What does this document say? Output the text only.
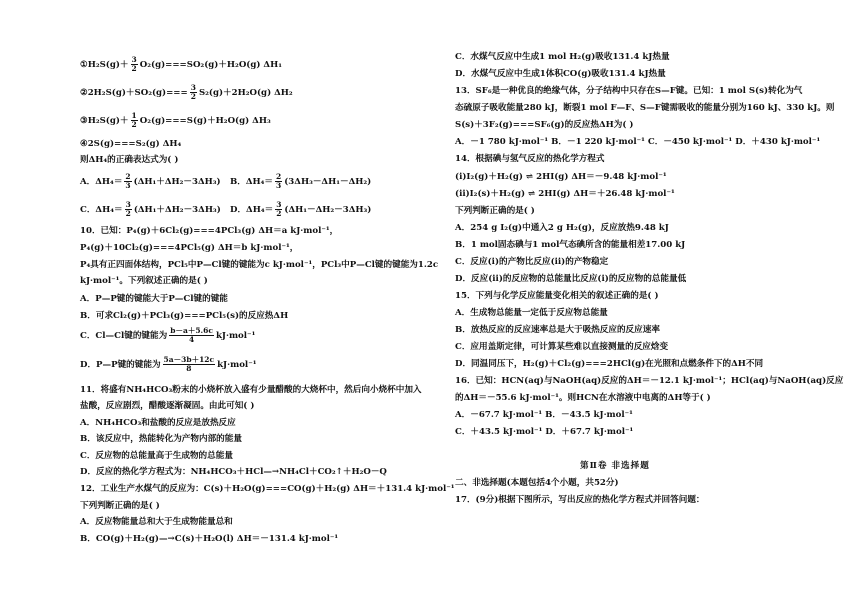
①H₂S(g)＋ $\frac{3}{2} O_2(g)===SO_2(g)+H_2O(g)$ ΔH₁
②2H₂S(g)＋SO₂(g)=== $\frac{3}{2} S_2(g)+2H_2O(g)$ ΔH₂
③H₂S(g)＋ $\frac{1}{2} O_2(g)===S(g)+H_2O(g)$ ΔH₃
④2S(g)===S₂(g) ΔH₄
则ΔH₄的正确表达式为( )
A．$\Delta H_4= \frac{2}{3} (\Delta H_1+\Delta H_2-3\Delta H_3)$ B．$\Delta H_4= \frac{2}{3} (3\Delta H_3-\Delta H_1-\Delta H_2)$
C．$\Delta H_4= \frac{3}{2} (\Delta H_1+\Delta H_2-3\Delta H_3)$ D．$\Delta H_4= \frac{3}{2} (\Delta H_1-\Delta H_2-3\Delta H_3)$
10．已知：P₄(g)＋6Cl₂(g)===4PCl₃(g) ΔH＝a kJ·mol⁻¹，
P₄(g)＋10Cl₂(g)===4PCl₅(g) ΔH＝b kJ·mol⁻¹，
P₄具有正四面体结构，PCl₅中P—Cl键的键能为c kJ·mol⁻¹，PCl₃中P—Cl键的键能为1.2c
kJ·mol⁻¹。下列叙述正确的是( )
A．P—P键的键能大于P—Cl键的键能
B．可求Cl₂(g)＋PCl₃(g)===PCl₅(s)的反应热ΔH
C．Cl—Cl键的键能为 $\frac{b-a+5.6c}{4} kJ\cdot mol^{-1}$
D．P—P键的键能为 $\frac{5a-3b+12c}{8} kJ\cdot mol^{-1}$
11．将盛有NH₄HCO₃粉末的小烧杯放入盛有少量醋酸的大烧杯中，然后向小烧杯中加入
盐酸，反应剧烈，醋酸逐渐凝固。由此可知( )
A．NH₄HCO₃和盐酸的反应是放热反应
B．该反应中，热能转化为产物内部的能量
C．反应物的总能量高于生成物的总能量
D．反应的热化学方程式为：NH₄HCO₃＋HCl—→NH₄Cl＋CO₂↑＋H₂O－Q
12．工业生产水煤气的反应为：C(s)＋H₂O(g)===CO(g)＋H₂(g) ΔH＝＋131.4 kJ·mol⁻¹
下列判断正确的是( )
A．反应物能量总和大于生成物能量总和
B．CO(g)＋H₂(g)—→C(s)＋H₂O(l) ΔH＝－131.4 kJ·mol⁻¹
C．水煤气反应中生成1 mol H₂(g)吸收131.4 kJ热量
D．水煤气反应中生成1体积CO(g)吸收131.4 kJ热量
13．SF₆是一种优良的绝缘气体，分子结构中只存在S—F键。已知：1 mol S(s)转化为气
态硫原子吸收能量280 kJ，断裂1 mol F—F、S—F键需吸收的能量分别为160 kJ、330 kJ。则
S(s)＋3F₂(g)===SF₆(g)的反应热ΔH为( )
A．－1 780 kJ·mol⁻¹ B．－1 220 kJ·mol⁻¹ C．－450 kJ·mol⁻¹ D．＋430 kJ·mol⁻¹
14．根据碘与氢气反应的热化学方程式
(ⅰ)I₂(g)＋H₂(g) ⇌ 2HI(g) ΔH＝－9.48 kJ·mol⁻¹
(ⅱ)I₂(s)＋H₂(g) ⇌ 2HI(g) ΔH＝＋26.48 kJ·mol⁻¹
下列判断正确的是( )
A．254 g I₂(g)中通入2 g H₂(g)，反应放热9.48 kJ
B．1 mol固态碘与1 mol气态碘所含的能量相差17.00 kJ
C．反应(ⅰ)的产物比反应(ⅱ)的产物稳定
D．反应(ⅱ)的反应物的总能量比反应(ⅰ)的反应物的总能量低
15．下列与化学反应能量变化相关的叙述正确的是( )
A．生成物总能量一定低于反应物总能量
B．放热反应的反应速率总是大于吸热反应的反应速率
C．应用盖斯定律，可计算某些难以直接测量的反应焓变
D．同温同压下，H₂(g)＋Cl₂(g)===2HCl(g)在光照和点燃条件下的ΔH不同
16．已知：HCN(aq)与NaOH(aq)反应的ΔH＝－12.1 kJ·mol⁻¹；HCl(aq)与NaOH(aq)反应
的ΔH＝－55.6 kJ·mol⁻¹。则HCN在水溶液中电离的ΔH等于( )
A．－67.7 kJ·mol⁻¹ B．－43.5 kJ·mol⁻¹
C．＋43.5 kJ·mol⁻¹ D．＋67.7 kJ·mol⁻¹
第Ⅱ卷 非选择题
二、非选择题(本题包括4个小题，共52分)
17．(9分)根据下图所示，写出反应的热化学方程式并回答问题：
